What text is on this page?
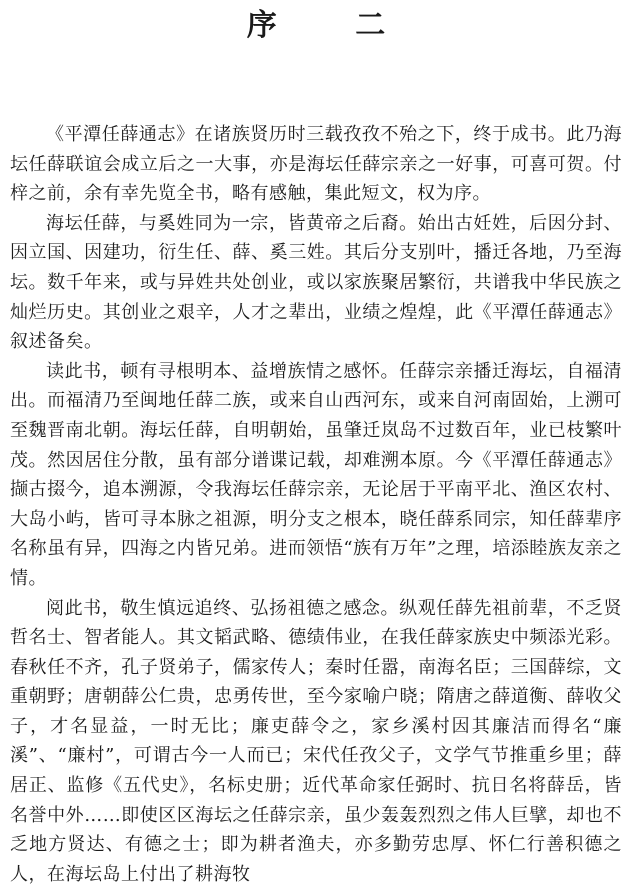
序 二

《平潭任薛通志》在诸族贤历时三载孜孜不殆之下，终于成书。此乃海坛任薛联谊会成立后之一大事，亦是海坛任薛宗亲之一好事，可喜可贺。付梓之前，余有幸先览全书，略有感触，集此短文，权为序。

海坛任薛，与奚姓同为一宗，皆黄帝之后裔。始出古妊姓，后因分封、因立国、因建功，衍生任、薛、奚三姓。其后分支别叶，播迁各地，乃至海坛。数千年来，或与异姓共处创业，或以家族聚居繁衍，共谱我中华民族之灿烂历史。其创业之艰辛，人才之辈出，业绩之煌煌，此《平潭任薛通志》叙述备矣。

读此书，顿有寻根明本、益增族情之感怀。任薛宗亲播迁海坛，自福清出。而福清乃至闽地任薛二族，或来自山西河东，或来自河南固始，上溯可至魏晋南北朝。海坛任薛，自明朝始，虽肇迁岚岛不过数百年，业已枝繁叶茂。然因居住分散，虽有部分谱谍记载，却难溯本原。今《平潭任薛通志》撷古掇今，追本溯源，令我海坛任薛宗亲，无论居于平南平北、渔区农村、大岛小屿，皆可寻本脉之祖源，明分支之根本，晓任薛系同宗，知任薛辈序名称虽有异，四海之内皆兄弟。进而领悟“族有万年”之理，培添睦族友亲之情。

阅此书，敬生慎远追终、弘扬祖德之感念。纵观任薛先祖前辈，不乏贤哲名士、智者能人。其文韬武略、德绩伟业，在我任薛家族史中频添光彩。春秋任不齐，孔子贤弟子，儒家传人；秦时任嚣，南海名臣；三国薛综，文重朝野；唐朝薛公仁贵，忠勇传世，至今家喻户晓；隋唐之薛道衡、薛收父子，才名显益，一时无比；廉吏薛令之，家乡溪村因其廉洁而得名“廉溪”、“廉村”，可谓古今一人而已；宋代任孜父子，文学气节推重乡里；薛居正、监修《五代史》，名标史册；近代革命家任弼时、抗日名将薛岳，皆名誉中外……即使区区海坛之任薛宗亲，虽少轰轰烈烈之伟人巨擘，却也不乏地方贤达、有德之士；即为耕者渔夫，亦多勤劳忠厚、怀仁行善积德之人，在海坛岛上付出了耕海牧
